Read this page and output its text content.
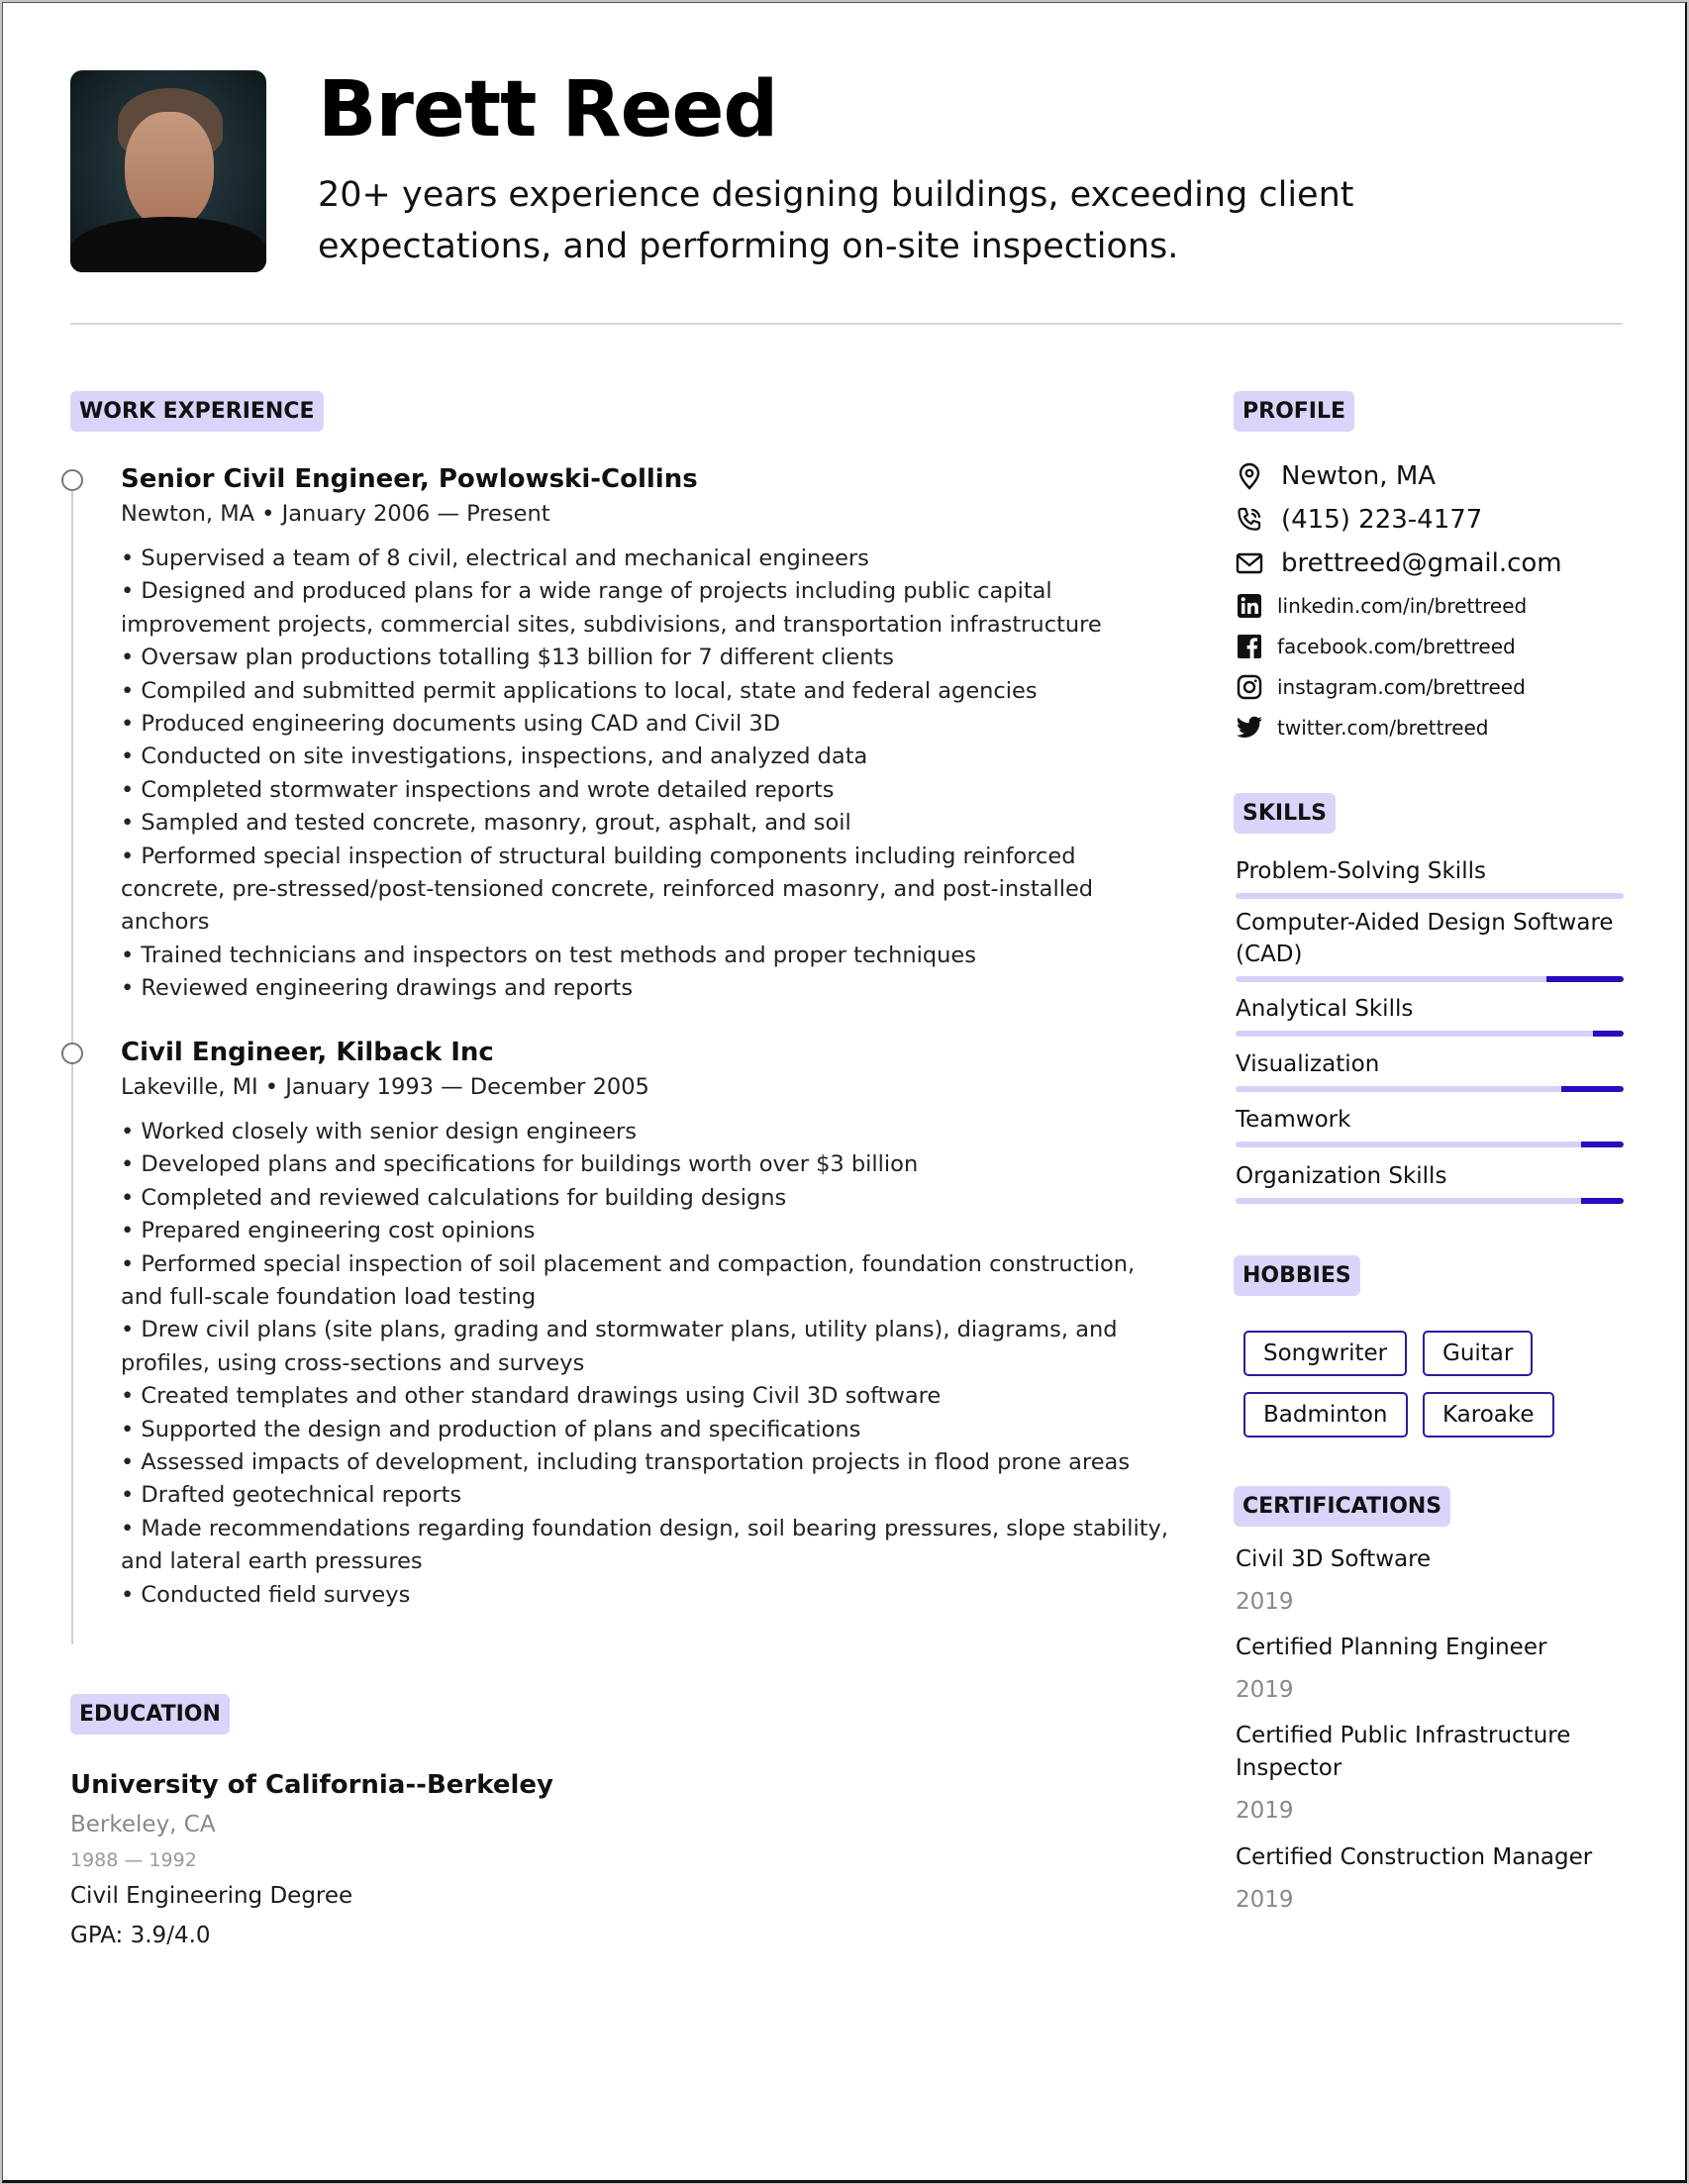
Brett Reed
20+ years experience designing buildings, exceeding client expectations, and performing on-site inspections.
WORK EXPERIENCE
Senior Civil Engineer, Powlowski-Collins
Newton, MA • January 2006 — Present
• Supervised a team of 8 civil, electrical and mechanical engineers
• Designed and produced plans for a wide range of projects including public capital improvement projects, commercial sites, subdivisions, and transportation infrastructure
• Oversaw plan productions totalling $13 billion for 7 different clients
• Compiled and submitted permit applications to local, state and federal agencies
• Produced engineering documents using CAD and Civil 3D
• Conducted on site investigations, inspections, and analyzed data
• Completed stormwater inspections and wrote detailed reports
• Sampled and tested concrete, masonry, grout, asphalt, and soil
• Performed special inspection of structural building components including reinforced concrete, pre-stressed/post-tensioned concrete, reinforced masonry, and post-installed anchors
• Trained technicians and inspectors on test methods and proper techniques
• Reviewed engineering drawings and reports
Civil Engineer, Kilback Inc
Lakeville, MI • January 1993 — December 2005
• Worked closely with senior design engineers
• Developed plans and specifications for buildings worth over $3 billion
• Completed and reviewed calculations for building designs
• Prepared engineering cost opinions
• Performed special inspection of soil placement and compaction, foundation construction, and full-scale foundation load testing
• Drew civil plans (site plans, grading and stormwater plans, utility plans), diagrams, and profiles, using cross-sections and surveys
• Created templates and other standard drawings using Civil 3D software
• Supported the design and production of plans and specifications
• Assessed impacts of development, including transportation projects in flood prone areas
• Drafted geotechnical reports
• Made recommendations regarding foundation design, soil bearing pressures, slope stability, and lateral earth pressures
• Conducted field surveys
EDUCATION
University of California--Berkeley
Berkeley, CA
1988 — 1992
Civil Engineering Degree
GPA: 3.9/4.0
PROFILE
Newton, MA
(415) 223-4177
brettreed@gmail.com
linkedin.com/in/brettreed
facebook.com/brettreed
instagram.com/brettreed
twitter.com/brettreed
SKILLS
Problem-Solving Skills
Computer-Aided Design Software (CAD)
Analytical Skills
Visualization
Teamwork
Organization Skills
HOBBIES
Songwriter	Guitar
Badminton	Karoake
CERTIFICATIONS
Civil 3D Software
2019
Certified Planning Engineer
2019
Certified Public Infrastructure Inspector
2019
Certified Construction Manager
2019
